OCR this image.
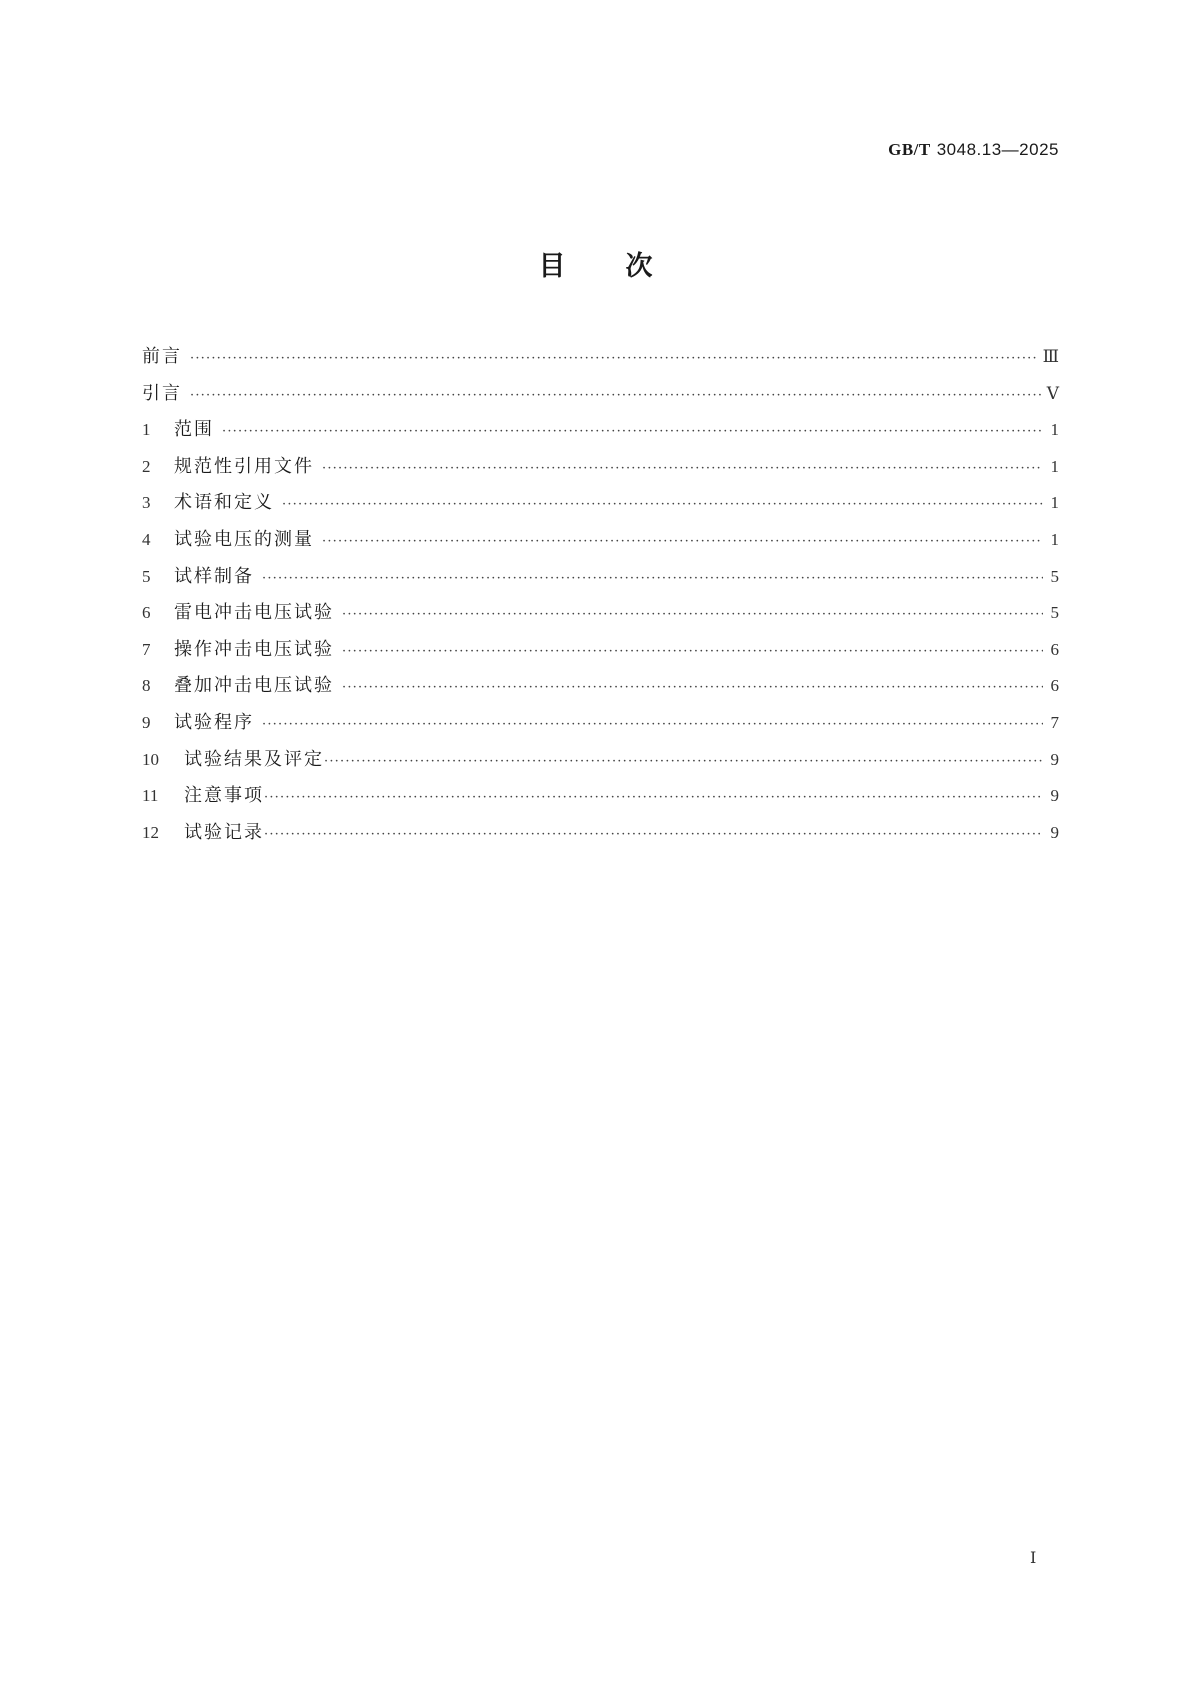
GB/T 3048.13—2025
目次
前言 ·····	Ⅲ
引言 ·····	Ⅴ
1	范围 ·····	1
2	规范性引用文件 ·····	1
3	术语和定义 ·····	1
4	试验电压的测量 ·····	1
5	试样制备 ·····	5
6	雷电冲击电压试验 ·····	5
7	操作冲击电压试验 ·····	6
8	叠加冲击电压试验 ·····	6
9	试验程序 ·····	7
10	试验结果及评定 ·····	9
11	注意事项 ·····	9
12	试验记录 ·····	9
Ⅰ
